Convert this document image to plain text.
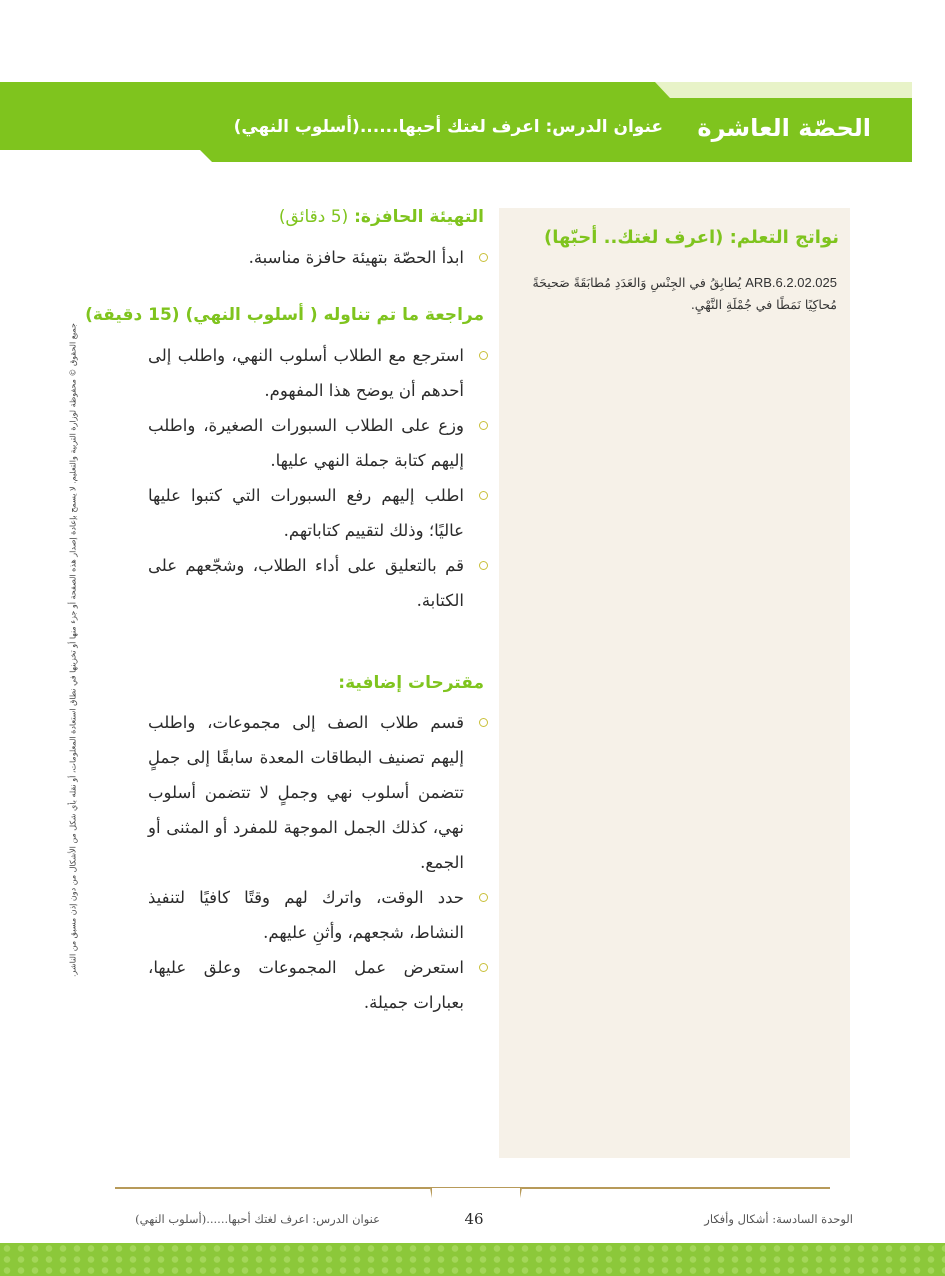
الحصّة العاشرة
عنوان الدرس: اعرف لغتك أحبها......(أسلوب النهي)
نواتج التعلم: (اعرف لغتك.. أحبّها)
ARB.6.2.02.025 يُطابِقُ في الجِنْسِ وَالعَدَدِ مُطابَقَةً صَحيحَةً مُحاكِيًا نَمَطًا في جُمْلَةِ النَّهْيِ.
التهيئة الحافزة: (5 دقائق)
ابدأ الحصّة بتهيئة حافزة مناسبة.
مراجعة ما تم تناوله ( أسلوب النهي) (15 دقيقة)
استرجع مع الطلاب أسلوب النهي، واطلب إلى أحدهم أن يوضح هذا المفهوم.
وزع على الطلاب السبورات الصغيرة، واطلب إليهم كتابة جملة النهي عليها.
اطلب إليهم رفع السبورات التي كتبوا عليها عاليًا؛ وذلك لتقييم كتاباتهم.
قم بالتعليق على أداء الطلاب، وشجّعهم على الكتابة.
مقترحات إضافية:
قسم طلاب الصف إلى مجموعات، واطلب إليهم تصنيف البطاقات المعدة سابقًا إلى جملٍ تتضمن أسلوب نهي وجملٍ لا تتضمن أسلوب نهي، كذلك الجمل الموجهة للمفرد أو المثنى أو الجمع.
حدد الوقت، واترك لهم وقتًا كافيًا لتنفيذ النشاط، شجعهم، وأثنِ عليهم.
استعرض عمل المجموعات وعلق عليها، بعبارات جميلة.
جميع الحقوق © محفوظة لوزارة التربية والتعليم. لا يسمح بإعادة إصدار هذه الصفحة أو جزء منها أو تخزينها في نطاق استعادة المعلومات، أو نقله بأي شكل من الأشكال من دون إذن مسبق من الناشر.
46	الوحدة السادسة: أشكال وأفكار
عنوان الدرس: اعرف لغتك أحبها......(أسلوب النهي)
